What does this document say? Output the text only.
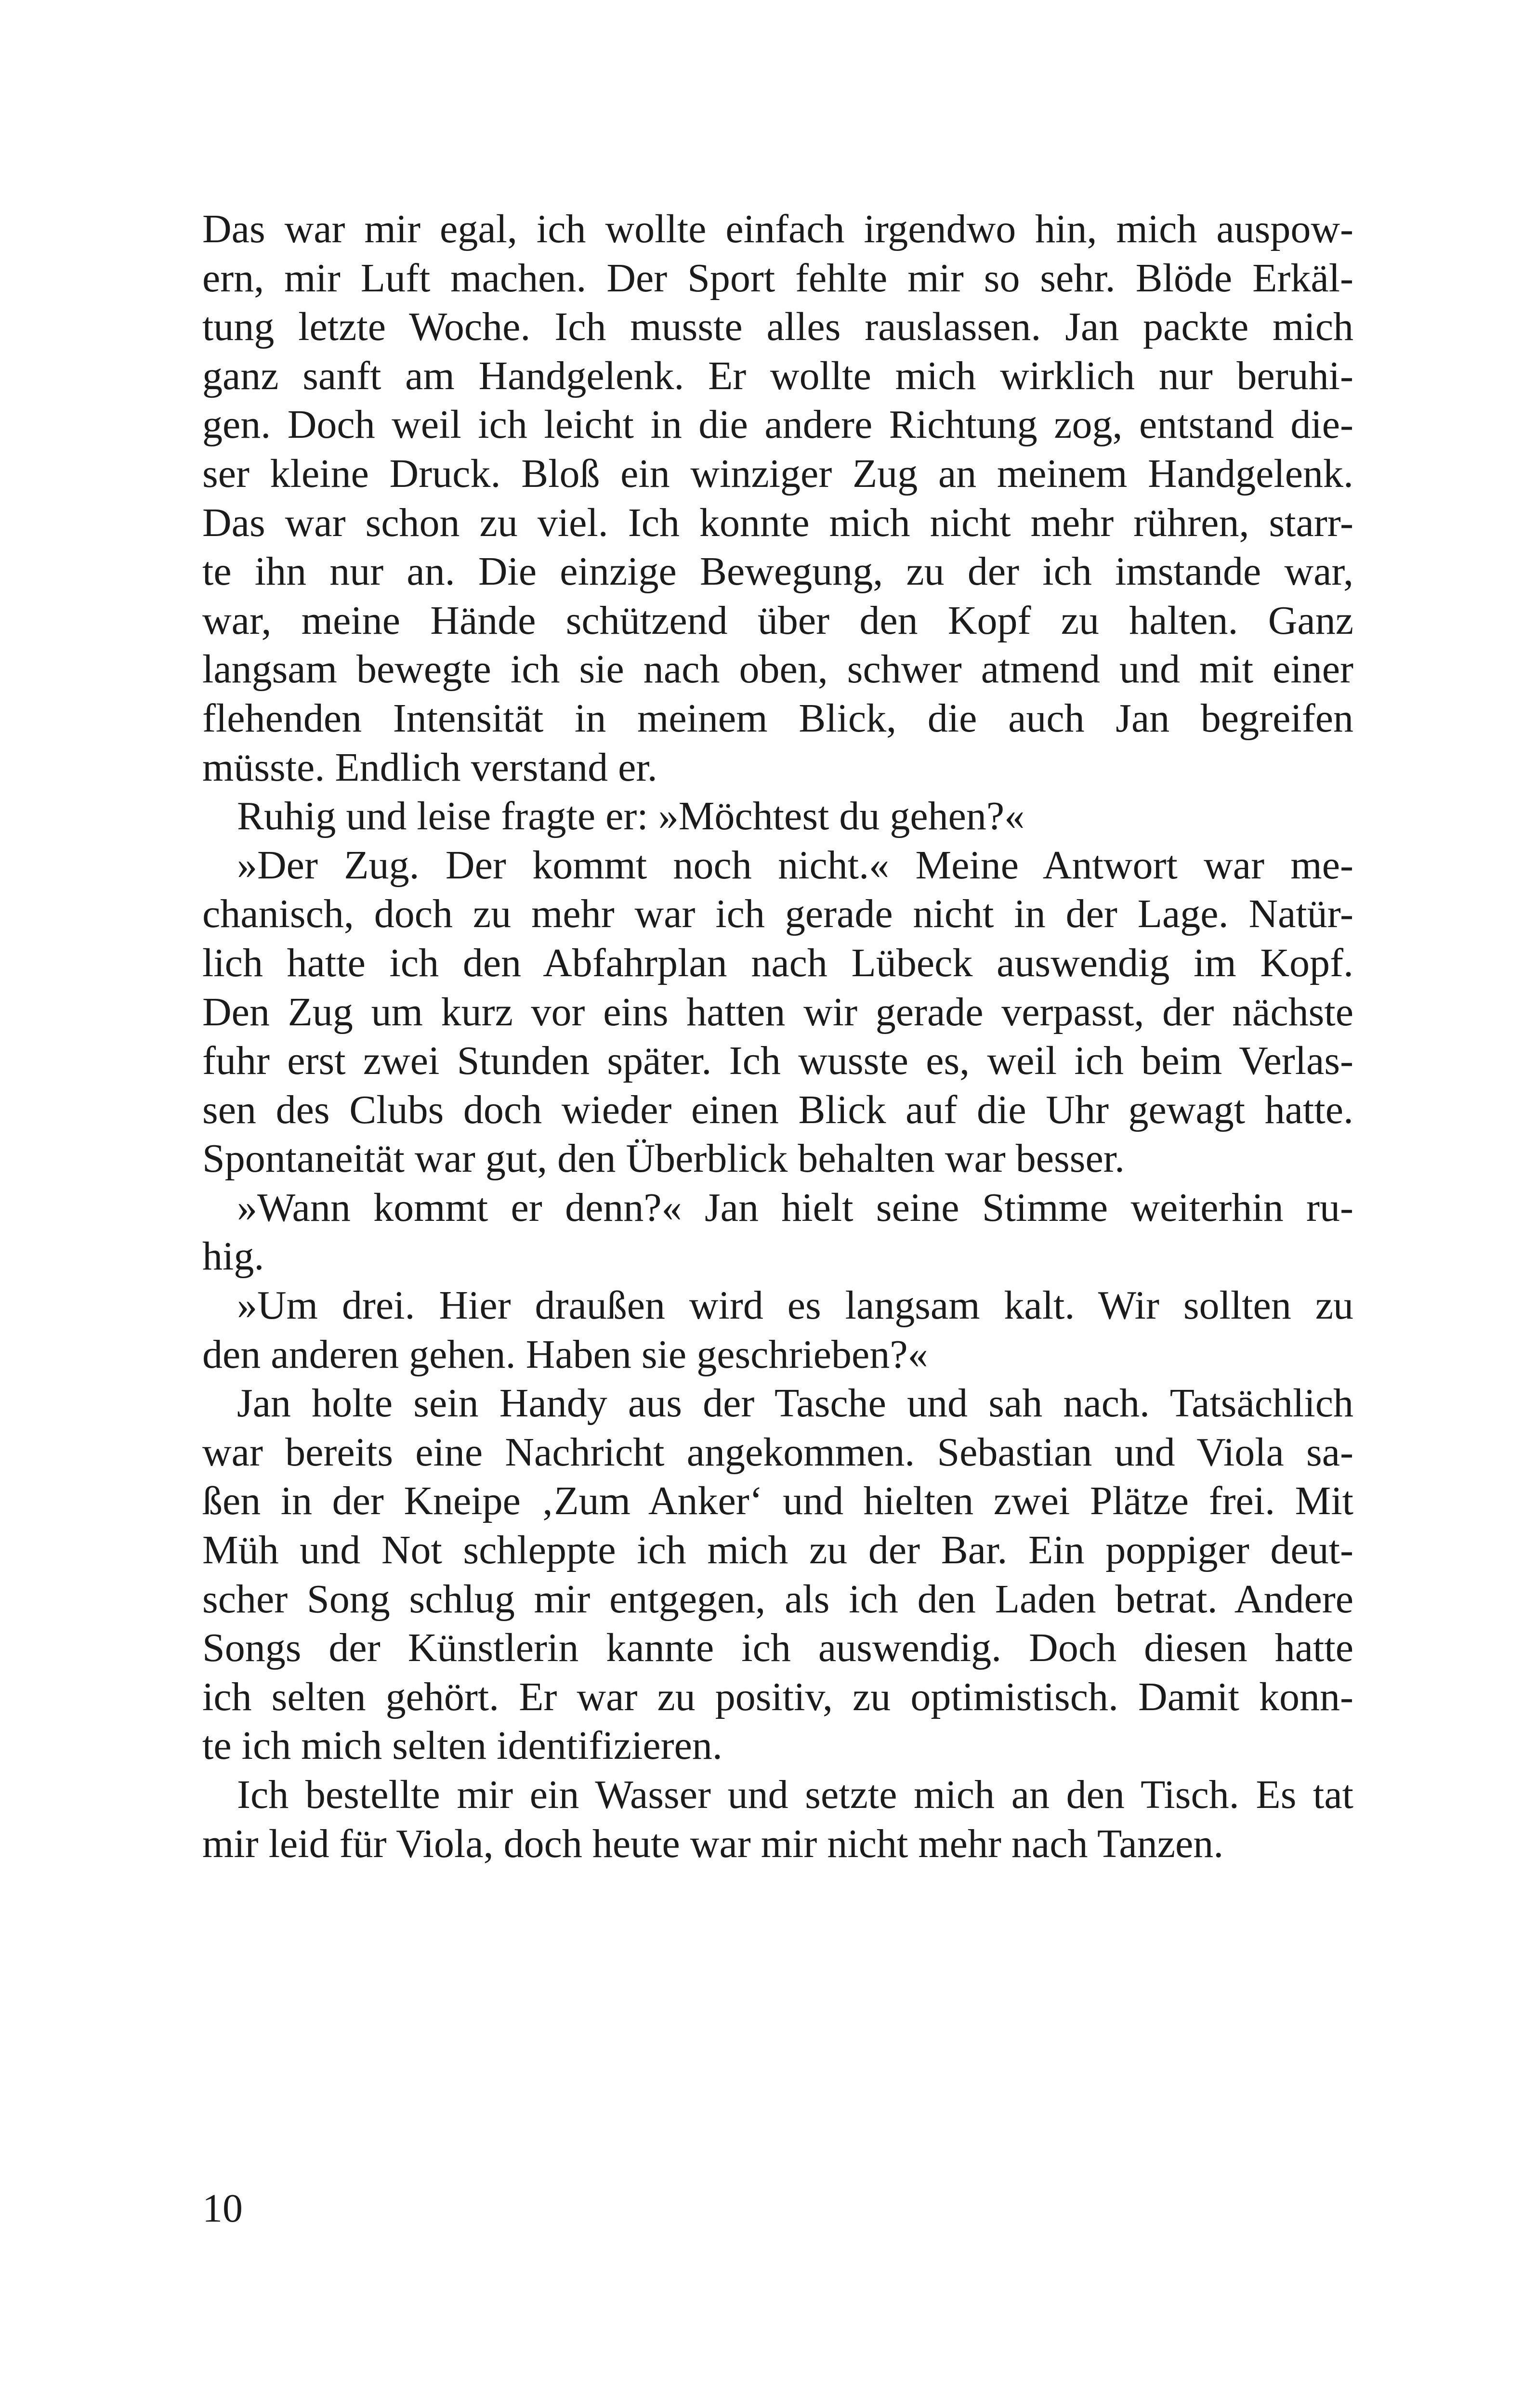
Das war mir egal, ich wollte einfach irgendwo hin, mich auspow-
ern, mir Luft machen. Der Sport fehlte mir so sehr. Blöde Erkäl-
tung letzte Woche. Ich musste alles rauslassen. Jan packte mich
ganz sanft am Handgelenk. Er wollte mich wirklich nur beruhi-
gen. Doch weil ich leicht in die andere Richtung zog, entstand die-
ser kleine Druck. Bloß ein winziger Zug an meinem Handgelenk.
Das war schon zu viel. Ich konnte mich nicht mehr rühren, starr-
te ihn nur an. Die einzige Bewegung, zu der ich imstande war,
war, meine Hände schützend über den Kopf zu halten. Ganz
langsam bewegte ich sie nach oben, schwer atmend und mit einer
flehenden Intensität in meinem Blick, die auch Jan begreifen
müsste. Endlich verstand er.
Ruhig und leise fragte er: »Möchtest du gehen?«
»Der Zug. Der kommt noch nicht.« Meine Antwort war me-
chanisch, doch zu mehr war ich gerade nicht in der Lage. Natür-
lich hatte ich den Abfahrplan nach Lübeck auswendig im Kopf.
Den Zug um kurz vor eins hatten wir gerade verpasst, der nächste
fuhr erst zwei Stunden später. Ich wusste es, weil ich beim Verlas-
sen des Clubs doch wieder einen Blick auf die Uhr gewagt hatte.
Spontaneität war gut, den Überblick behalten war besser.
»Wann kommt er denn?« Jan hielt seine Stimme weiterhin ru-
hig.
»Um drei. Hier draußen wird es langsam kalt. Wir sollten zu
den anderen gehen. Haben sie geschrieben?«
Jan holte sein Handy aus der Tasche und sah nach. Tatsächlich
war bereits eine Nachricht angekommen. Sebastian und Viola sa-
ßen in der Kneipe ‚Zum Anker‘ und hielten zwei Plätze frei. Mit
Müh und Not schleppte ich mich zu der Bar. Ein poppiger deut-
scher Song schlug mir entgegen, als ich den Laden betrat. Andere
Songs der Künstlerin kannte ich auswendig. Doch diesen hatte
ich selten gehört. Er war zu positiv, zu optimistisch. Damit konn-
te ich mich selten identifizieren.
Ich bestellte mir ein Wasser und setzte mich an den Tisch. Es tat
mir leid für Viola, doch heute war mir nicht mehr nach Tanzen.
10
